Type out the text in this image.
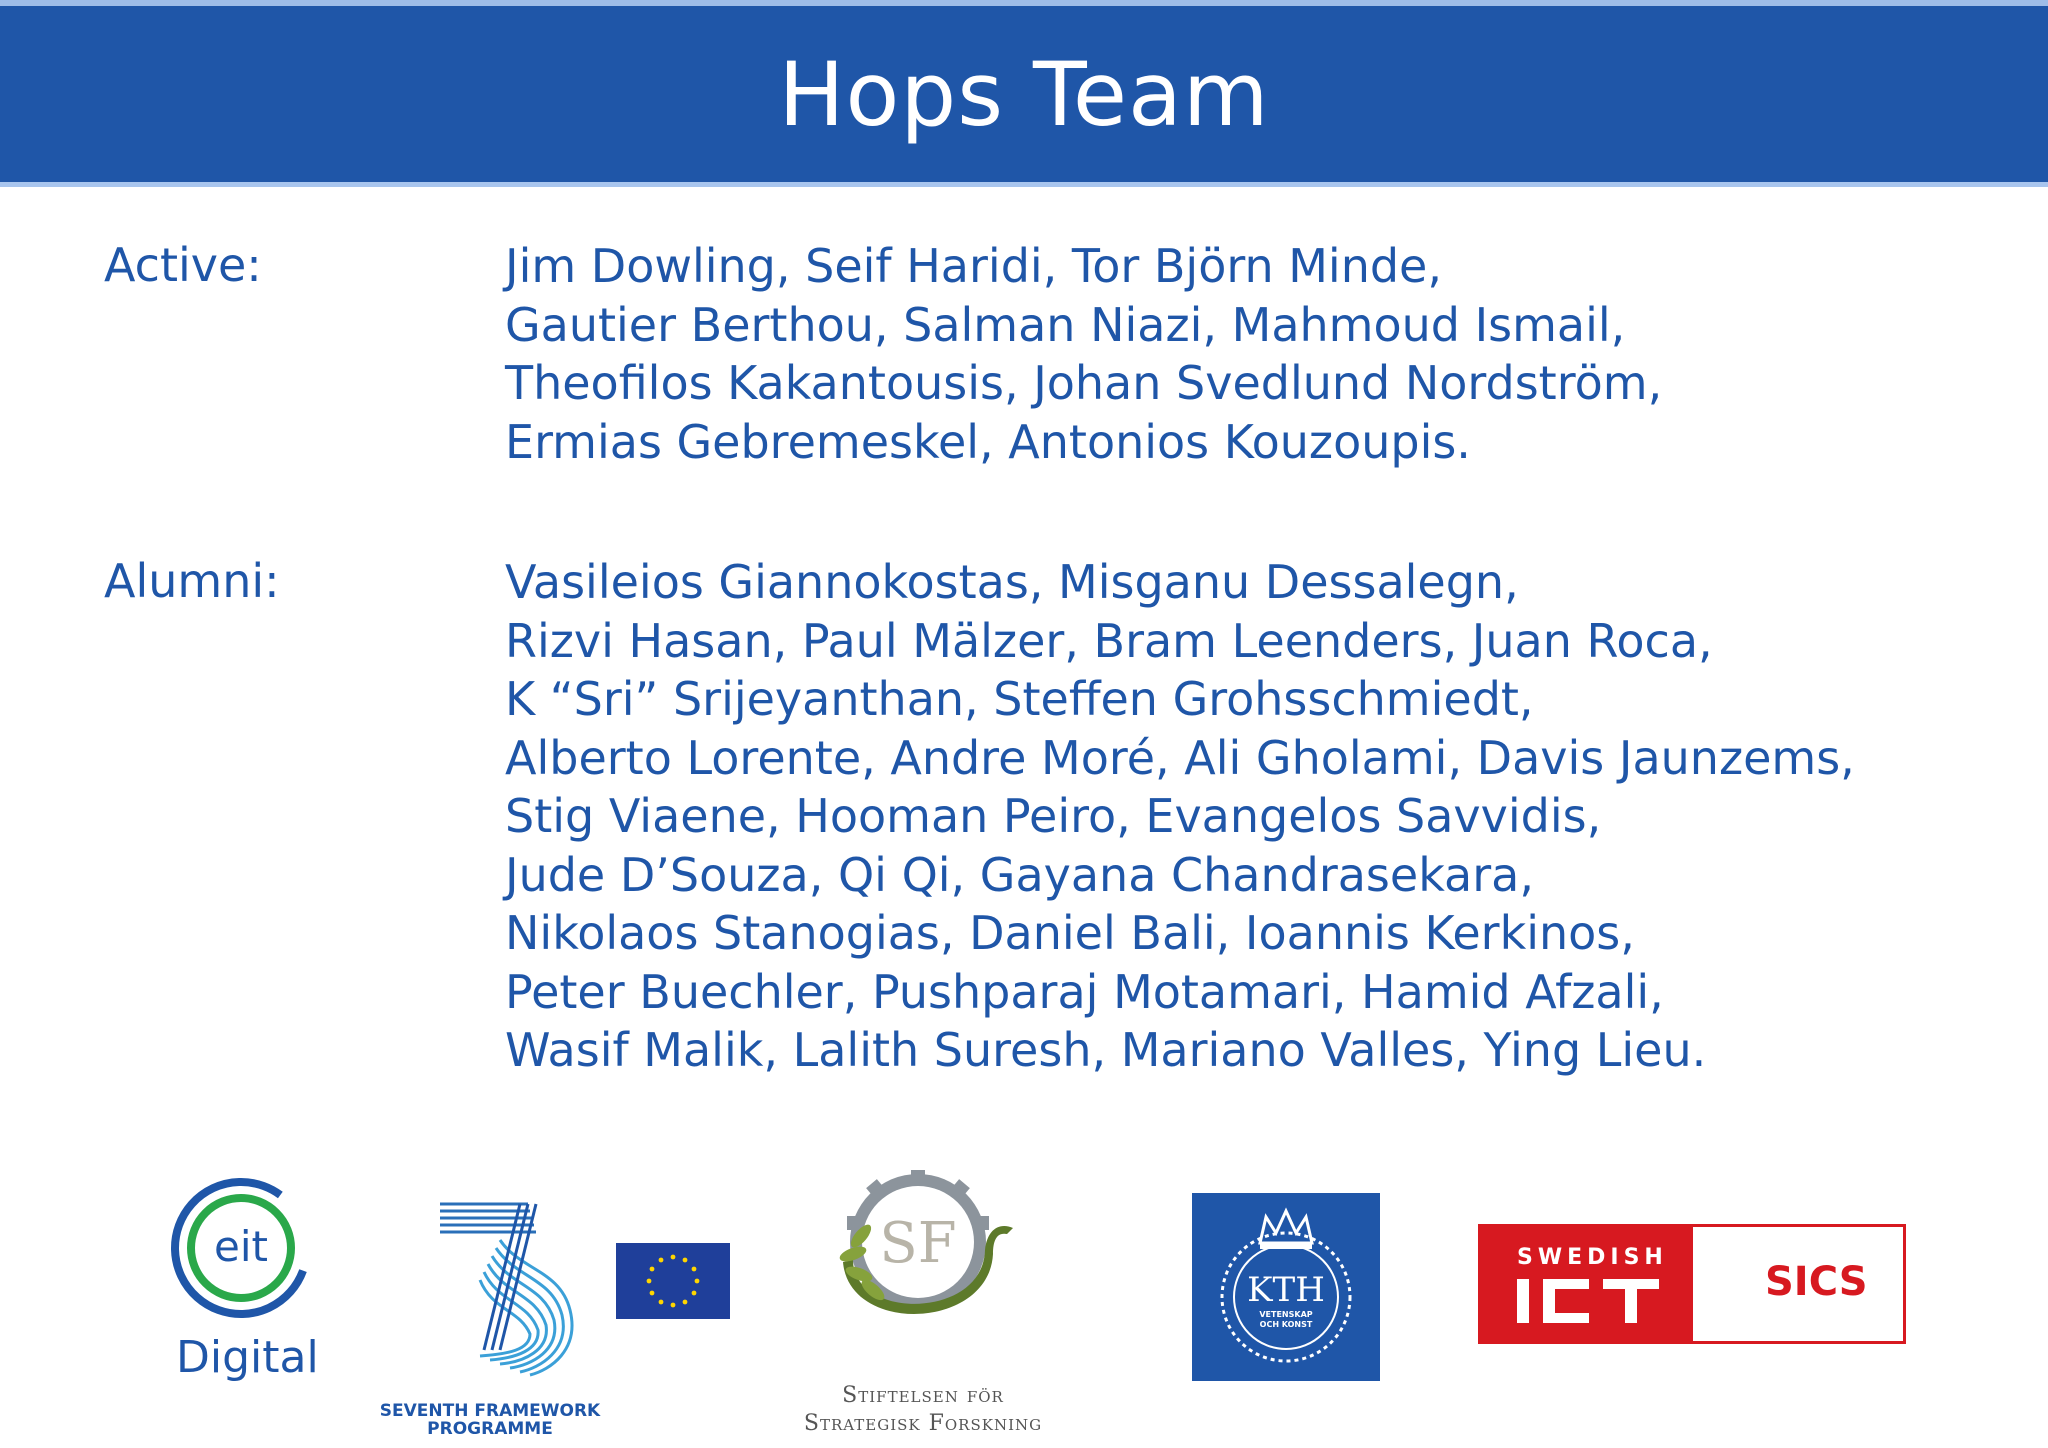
Hops Team
Active:	Jim Dowling, Seif Haridi, Tor Björn Minde,
Gautier Berthou, Salman Niazi, Mahmoud Ismail,
Theofilos Kakantousis, Johan Svedlund Nordström,
Ermias Gebremeskel, Antonios Kouzoupis.
Alumni:	Vasileios Giannokostas, Misganu Dessalegn,
Rizvi Hasan, Paul Mälzer, Bram Leenders, Juan Roca,
K “Sri” Srijeyanthan, Steffen Grohsschmiedt,
Alberto Lorente, Andre Moré, Ali Gholami, Davis Jaunzems,
Stig Viaene, Hooman Peiro, Evangelos Savvidis,
Jude D’Souza, Qi Qi, Gayana Chandrasekara,
Nikolaos Stanogias, Daniel Bali, Ioannis Kerkinos,
Peter Buechler, Pushparaj Motamari, Hamid Afzali,
Wasif Malik, Lalith Suresh, Mariano Valles, Ying Lieu.
eit
Digital
SEVENTH FRAMEWORK
PROGRAMME
SF
Stiftelsen för
Strategisk Forskning
KTH
VETENSKAP
OCH KONST
SWEDISH
SICS
